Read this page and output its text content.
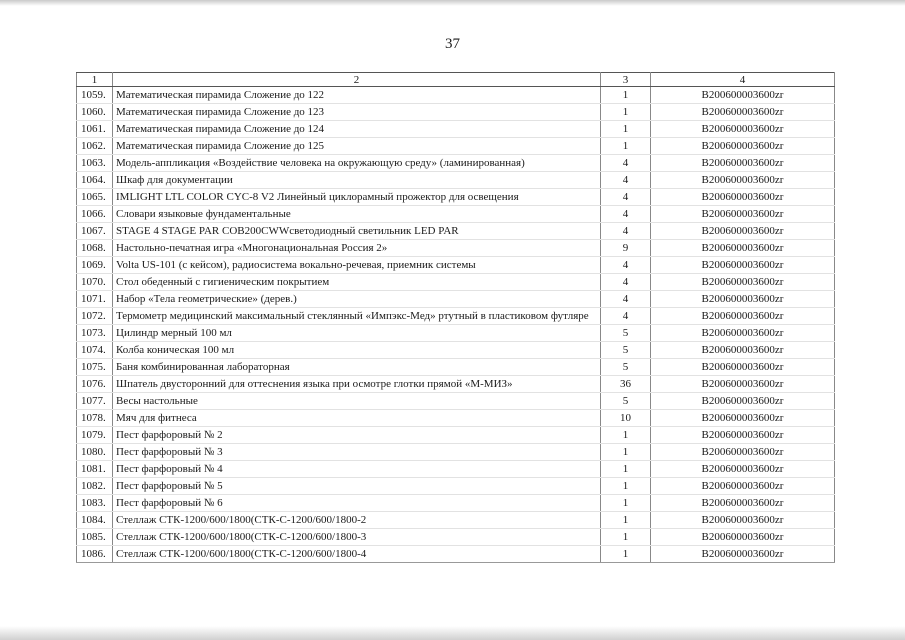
37
1	2	3	4
1059.	Математическая пирамида Сложение до 122	1	B200600003600zr
1060.	Математическая пирамида Сложение до 123	1	B200600003600zr
1061.	Математическая пирамида Сложение до 124	1	B200600003600zr
1062.	Математическая пирамида Сложение до 125	1	B200600003600zr
1063.	Модель-аппликация «Воздействие человека на окружающую среду» (ламинированная)	4	B200600003600zr
1064.	Шкаф для документации	4	B200600003600zr
1065.	IMLIGHT LTL COLOR CYC-8 V2 Линейный циклорамный прожектор для освещения	4	B200600003600zr
1066.	Словари языковые фундаментальные	4	B200600003600zr
1067.	STAGE 4 STAGE PAR COB200CWWсветодиодный светильник LED PAR	4	B200600003600zr
1068.	Настольно-печатная игра «Многонациональная Россия 2»	9	B200600003600zr
1069.	Volta US-101 (с кейсом), радиосистема вокально-речевая, приемник системы	4	B200600003600zr
1070.	Стол обеденный с гигиеническим покрытием	4	B200600003600zr
1071.	Набор «Тела геометрические» (дерев.)	4	B200600003600zr
1072.	Термометр медицинский максимальный стеклянный «Импэкс-Мед» ртутный в пластиковом футляре	4	B200600003600zr
1073.	Цилиндр мерный 100 мл	5	B200600003600zr
1074.	Колба коническая 100 мл	5	B200600003600zr
1075.	Баня комбинированная лабораторная	5	B200600003600zr
1076.	Шпатель двусторонний для оттеснения языка при осмотре глотки прямой «М-МИЗ»	36	B200600003600zr
1077.	Весы настольные	5	B200600003600zr
1078.	Мяч для фитнеса	10	B200600003600zr
1079.	Пест фарфоровый № 2	1	B200600003600zr
1080.	Пест фарфоровый № 3	1	B200600003600zr
1081.	Пест фарфоровый № 4	1	B200600003600zr
1082.	Пест фарфоровый № 5	1	B200600003600zr
1083.	Пест фарфоровый № 6	1	B200600003600zr
1084.	Стеллаж СТК-1200/600/1800(СТК-С-1200/600/1800-2	1	B200600003600zr
1085.	Стеллаж СТК-1200/600/1800(СТК-С-1200/600/1800-3	1	B200600003600zr
1086.	Стеллаж СТК-1200/600/1800(СТК-С-1200/600/1800-4	1	B200600003600zr
